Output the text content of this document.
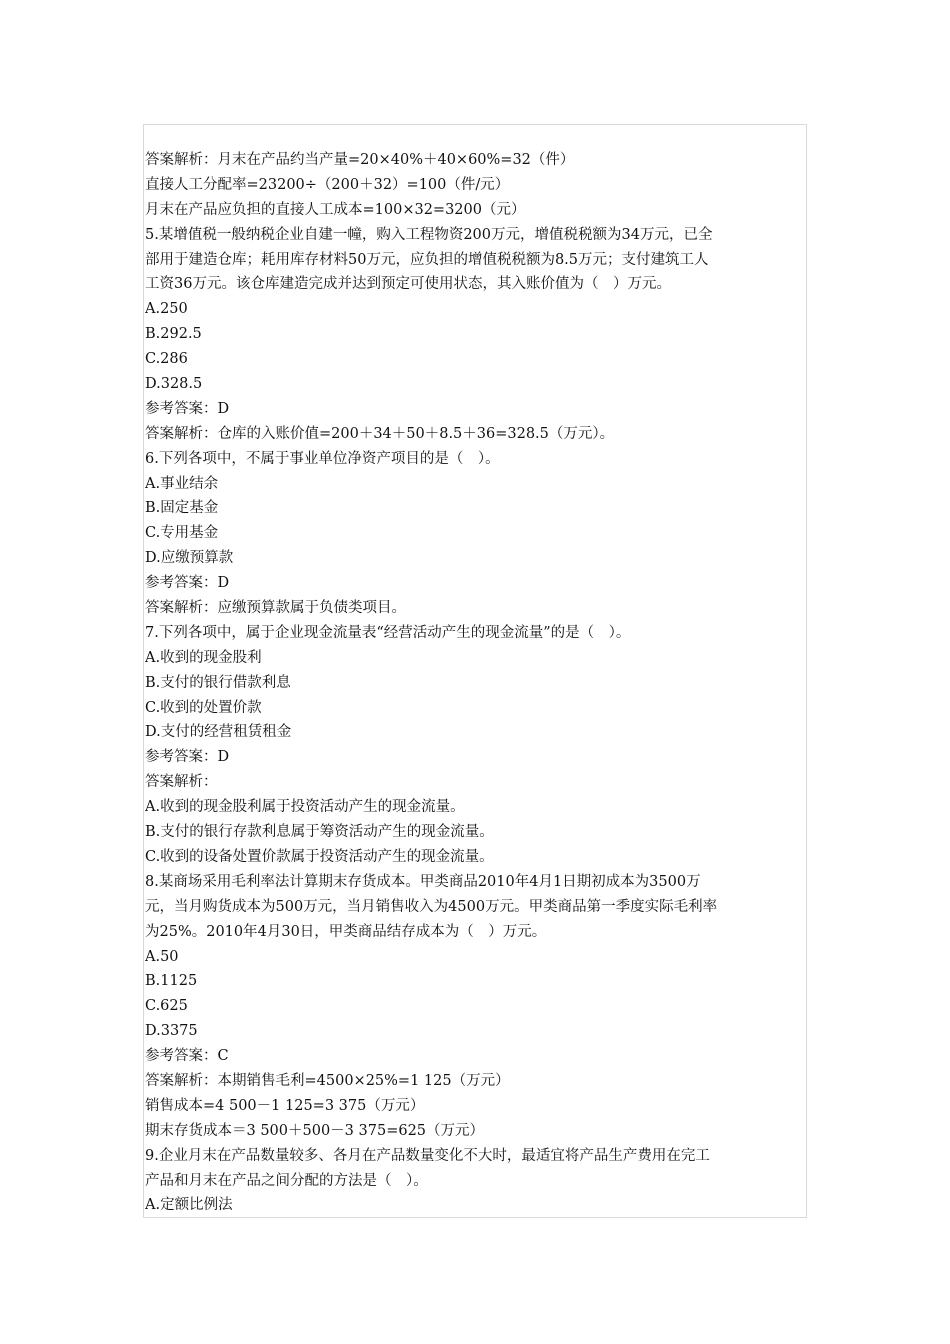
答案解析：月末在产品约当产量=20×40%＋40×60%=32（件）
直接人工分配率=23200÷（200＋32）=100（件/元）
月末在产品应负担的直接人工成本=100×32=3200（元）
5.某增值税一般纳税企业自建一幢，购入工程物资200万元，增值税税额为34万元，已全
部用于建造仓库；耗用库存材料50万元，应负担的增值税税额为8.5万元；支付建筑工人
工资36万元。该仓库建造完成并达到预定可使用状态，其入账价值为（　）万元。
A.250
B.292.5
C.286
D.328.5
参考答案：D
答案解析：仓库的入账价值=200＋34＋50＋8.5＋36=328.5（万元）。
6.下列各项中，不属于事业单位净资产项目的是（　）。
A.事业结余
B.固定基金
C.专用基金
D.应缴预算款
参考答案：D
答案解析：应缴预算款属于负债类项目。
7.下列各项中，属于企业现金流量表“经营活动产生的现金流量”的是（　）。
A.收到的现金股利
B.支付的银行借款利息
C.收到的处置价款
D.支付的经营租赁租金
参考答案：D
答案解析：
A.收到的现金股利属于投资活动产生的现金流量。
B.支付的银行存款利息属于筹资活动产生的现金流量。
C.收到的设备处置价款属于投资活动产生的现金流量。
8.某商场采用毛利率法计算期末存货成本。甲类商品2010年4月1日期初成本为3500万
元，当月购货成本为500万元，当月销售收入为4500万元。甲类商品第一季度实际毛利率
为25%。2010年4月30日，甲类商品结存成本为（　）万元。
A.50
B.1125
C.625
D.3375
参考答案：C
答案解析：本期销售毛利=4500×25%=1 125（万元）
销售成本=4 500－1 125=3 375（万元）
期末存货成本＝3 500＋500－3 375=625（万元）
9.企业月末在产品数量较多、各月在产品数量变化不大时，最适宜将产品生产费用在完工
产品和月末在产品之间分配的方法是（　）。
A.定额比例法
